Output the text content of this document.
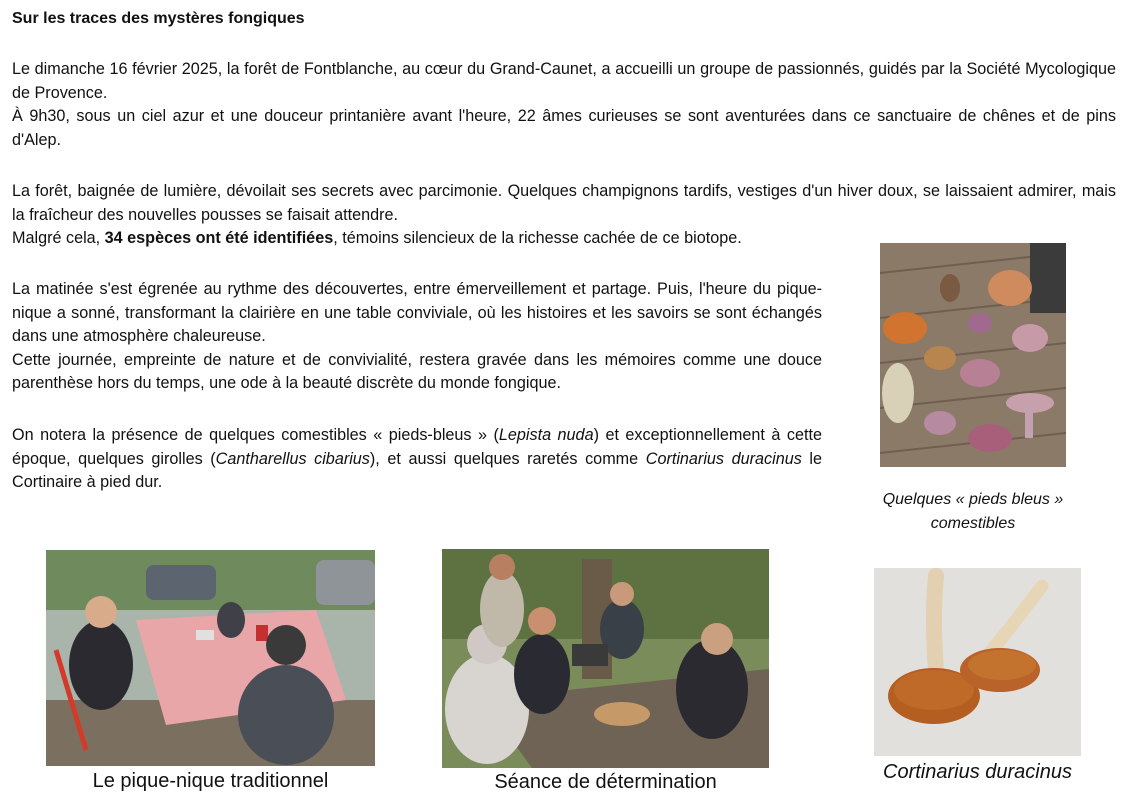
Sur les traces des mystères fongiques

Le dimanche 16 février 2025, la forêt de Fontblanche, au cœur du Grand-Caunet, a accueilli un groupe de passionnés, guidés par la Société Mycologique de Provence.
À 9h30, sous un ciel azur et une douceur printanière avant l'heure, 22 âmes curieuses se sont aventurées dans ce sanctuaire de chênes et de pins d'Alep.

La forêt, baignée de lumière, dévoilait ses secrets avec parcimonie. Quelques champignons tardifs, vestiges d'un hiver doux, se laissaient admirer, mais la fraîcheur des nouvelles pousses se faisait attendre.
Malgré cela, 34 espèces ont été identifiées, témoins silencieux de la richesse cachée de ce biotope.

La matinée s'est égrenée au rythme des découvertes, entre émerveillement et partage. Puis, l'heure du pique-nique a sonné, transformant la clairière en une table conviviale, où les histoires et les savoirs se sont échangés dans une atmosphère chaleureuse.
Cette journée, empreinte de nature et de convivialité, restera gravée dans les mémoires comme une douce parenthèse hors du temps, une ode à la beauté discrète du monde fongique.

On notera la présence de quelques comestibles « pieds-bleus » (Lepista nuda) et exceptionnellement à cette époque, quelques girolles (Cantharellus cibarius), et aussi quelques raretés comme Cortinarius duracinus le Cortinaire à pied dur.

Quelques « pieds bleus »
comestibles
Le pique-nique traditionnel	Séance de détermination	Cortinarius duracinus
